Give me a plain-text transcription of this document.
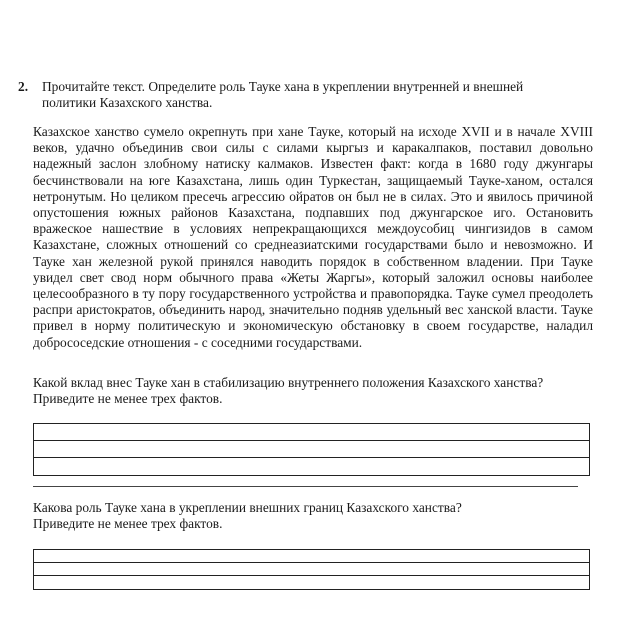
2. Прочитайте текст. Определите роль Тауке хана в укреплении внутренней и внешней политики Казахского ханства.
Казахское ханство сумело окрепнуть при хане Тауке, который на исходе XVII и в начале XVIII веков, удачно объединив свои силы с силами кыргыз и каракалпаков, поставил довольно надежный заслон злобному натиску калмаков. Известен факт: когда в 1680 году джунгары бесчинствовали на юге Казахстана, лишь один Туркестан, защищаемый Тауке-ханом, остался нетронутым. Но целиком пресечь агрессию ойратов он был не в силах. Это и явилось причиной опустошения южных районов Казахстана, подпавших под джунгарское иго. Остановить вражеское нашествие в условиях непрекращающихся междоусобиц чингизидов в самом Казахстане, сложных отношений со среднеазиатскими государствами было и невозможно. И Тауке хан железной рукой принялся наводить порядок в собственном владении. При Тауке увидел свет свод норм обычного права «Жеты Жаргы», который заложил основы наиболее целесообразного в ту пору государственного устройства и правопорядка. Тауке сумел преодолеть распри аристократов, объединить народ, значительно подняв удельный вес ханской власти. Тауке привел в норму политическую и экономическую обстановку в своем государстве, наладил добрососедские отношения - с соседними государствами.
Какой вклад внес Тауке хан в стабилизацию внутреннего положения Казахского ханства?
Приведите не менее трех фактов.
Какова роль Тауке хана в укреплении внешних границ Казахского ханства?
Приведите не менее трех фактов.
